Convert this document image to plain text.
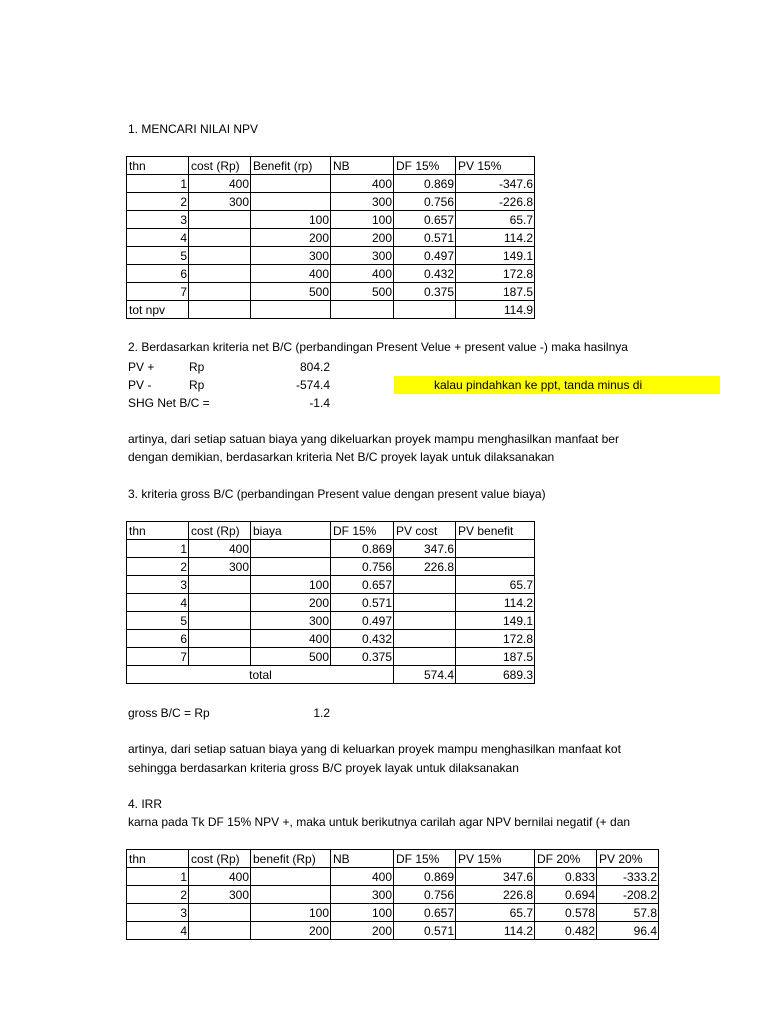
1. MENCARI NILAI NPV
thn	cost (Rp)	Benefit (rp)	NB	DF 15%	PV 15%
1	400		400	0.869	-347.6
2	300		300	0.756	-226.8
3		100	100	0.657	65.7
4		200	200	0.571	114.2
5		300	300	0.497	149.1
6		400	400	0.432	172.8
7		500	500	0.375	187.5
tot npv					114.9
2. Berdasarkan kriteria net B/C (perbandingan Present Velue + present value -) maka hasilnya
PV +	Rp	804.2
PV -	Rp	-574.4	kalau pindahkan ke ppt, tanda minus di
SHG Net B/C =	-1.4
artinya, dari setiap satuan biaya yang dikeluarkan proyek mampu menghasilkan manfaat ber
dengan demikian, berdasarkan kriteria Net B/C proyek layak untuk dilaksanakan
3. kriteria gross B/C (perbandingan Present value dengan present value biaya)
thn	cost (Rp)	biaya	DF 15%	PV cost	PV benefit
1	400		0.869	347.6	
2	300		0.756	226.8	
3		100	0.657		65.7
4		200	0.571		114.2
5		300	0.497		149.1
6		400	0.432		172.8
7		500	0.375		187.5
total				574.4	689.3
gross B/C = Rp	1.2
artinya, dari setiap satuan biaya yang di keluarkan proyek mampu menghasilkan manfaat kot
sehingga berdasarkan kriteria gross B/C proyek layak untuk dilaksanakan
4. IRR
karna pada Tk DF 15% NPV +, maka untuk berikutnya carilah agar NPV bernilai negatif (+ dan
thn	cost (Rp)	benefit (Rp)	NB	DF 15%	PV 15%	DF 20%	PV 20%
1	400		400	0.869	347.6	0.833	-333.2
2	300		300	0.756	226.8	0.694	-208.2
3		100	100	0.657	65.7	0.578	57.8
4		200	200	0.571	114.2	0.482	96.4
